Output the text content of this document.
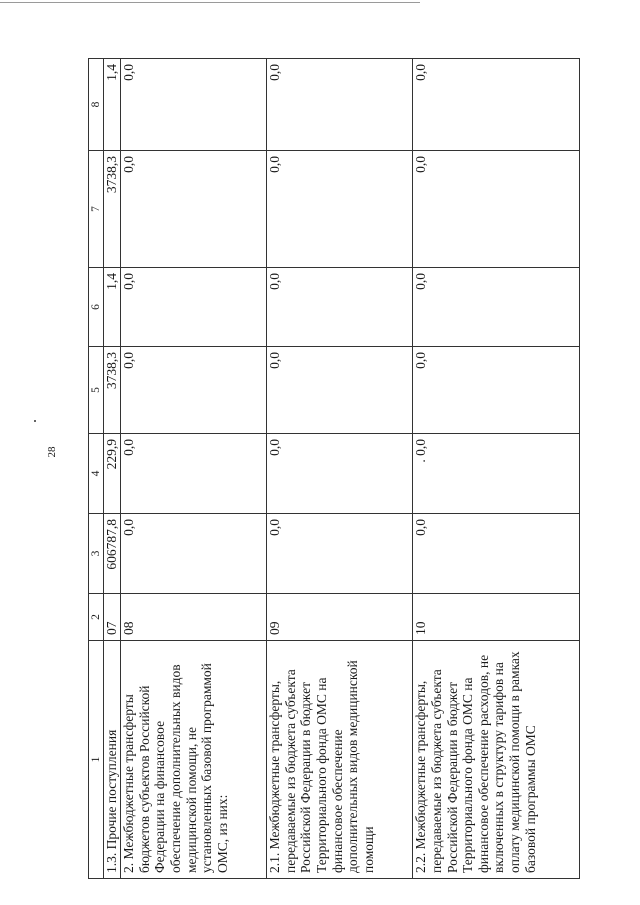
28
1	2	3	4	5	6	7	8
1.3. Прочие поступления	07	606787,8	229,9	3738,3	1,4	3738,3	1,4
2. Межбюджетные трансферты бюджетов субъектов Российской Федерации на финансовое обеспечение дополнительных видов медицинской помощи, не установленных базовой программой ОМС, из них:	08	0,0	0,0	0,0	0,0	0,0	0,0
2.1. Межбюджетные трансферты, передаваемые из бюджета субъекта Российской Федерации в бюджет Территориального фонда ОМС на финансовое обеспечение дополнительных видов медицинской помощи	09	0,0	0,0	0,0	0,0	0,0	0,0
2.2. Межбюджетные трансферты, передаваемые из бюджета субъекта Российской Федерации в бюджет Территориального фонда ОМС на финансовое обеспечение расходов, не включенных в структуру тарифов на оплату медицинской помощи в рамках базовой программы ОМС	10	0,0	. 0,0	0,0	0,0	0,0	0,0
